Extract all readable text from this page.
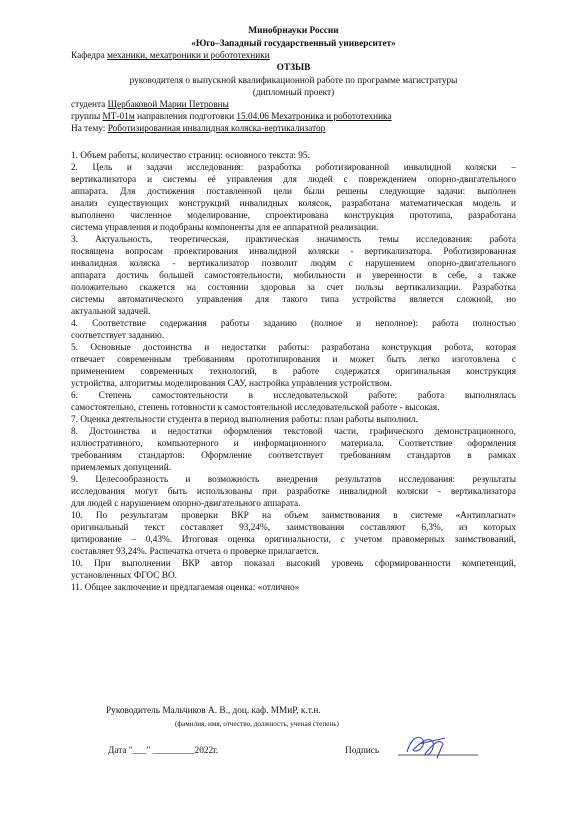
Минобрнауки России
«Юго–Западный государственный университет»
Кафедра механики, мехатроники и робототехники
ОТЗЫВ
руководителя о выпускной квалификационной работе по программе магистратуры
(дипломный проект)
студента Щербаковой Марии Петровны
группы МТ-01м направления подготовки 15.04.06 Мехатроника и робототехника
На тему: Роботизированная инвалидная коляска-вертикализатор
1. Объем работы, количество страниц: основного текста: 95.
2. Цель и задачи исследования: разработка роботизированной инвалидной коляски –
вертикализатора и системы её управления для людей с повреждением опорно-двигательного
аппарата. Для достижения поставленной цели были решены следующие задачи: выполнен
анализ существующих конструкций инвалидных колясок, разработана математическая модель и
выполнено численное моделирование, спроектирована конструкция прототипа, разработана
система управления и подобраны компоненты для ее аппаратной реализации.
3. Актуальность, теоретическая, практическая значимость темы исследования: работа
посвящена вопросам проектирования инвалидной коляски - вертикализатора. Роботизированная
инвалидная коляска - вертикализатор позволит людям с нарушением опорно-двигательного
аппарата достичь большей самостоятельности, мобильности и уверенности в себе, а также
положительно скажется на состоянии здоровья за счет пользы вертикализации. Разработка
системы автоматического управления для такого типа устройства является сложной, но
актуальной задачей.
4. Соответствие содержания работы заданию (полное и неполное): работа полностью
соответствует заданию.
5. Основные достоинства и недостатки работы: разработана конструкция робота, которая
отвечает современным требованиям прототипирования и может быть легко изготовлена с
применением современных технологий, в работе содержатся оригинальная конструкция
устройства, алгоритмы моделирования САУ, настройка управления устройством.
6. Степень самостоятельности в исследовательской работе: работа выполнялась
самостоятельно, степень готовности к самостоятельной исследовательской работе - высокая.
7. Оценка деятельности студента в период выполнения работы: план работы выполнил.
8. Достоинства и недостатки оформления текстовой части, графического демонстрационного,
иллюстративного, компьютерного и информационного материала. Соответствие оформления
требованиям стандартов: Оформление соответствует требованиям стандартов в рамках
приемлемых допущений.
9. Целесообразность и возможность внедрения результатов исследования: результаты
исследования могут быть использованы при разработке инвалидной коляски - вертикализатора
для людей с нарушением опорно-двигательного аппарата.
10. По результатам проверки ВКР на объем заимствования в системе «Антиплагиат»
оригинальный текст составляет 93,24%, заимствования составляют 6,3%, из которых
цитирование – 0,43%. Итоговая оценка оригинальности, с учетом правомерных заимствований,
составляет 93,24%. Распечатка отчета о проверке прилагается.
10. При выполнении ВКР автор показал высокий уровень сформированности компетенций,
установленных ФГОС ВО.
11. Общее заключение и предлагаемая оценка: «отлично»
Руководитель Мальчиков А. В., доц. каф. ММиР, к.т.н.
(фамилия, имя, отчество, должность, ученая степень)
Дата "___" _________2022г.	Подпись
